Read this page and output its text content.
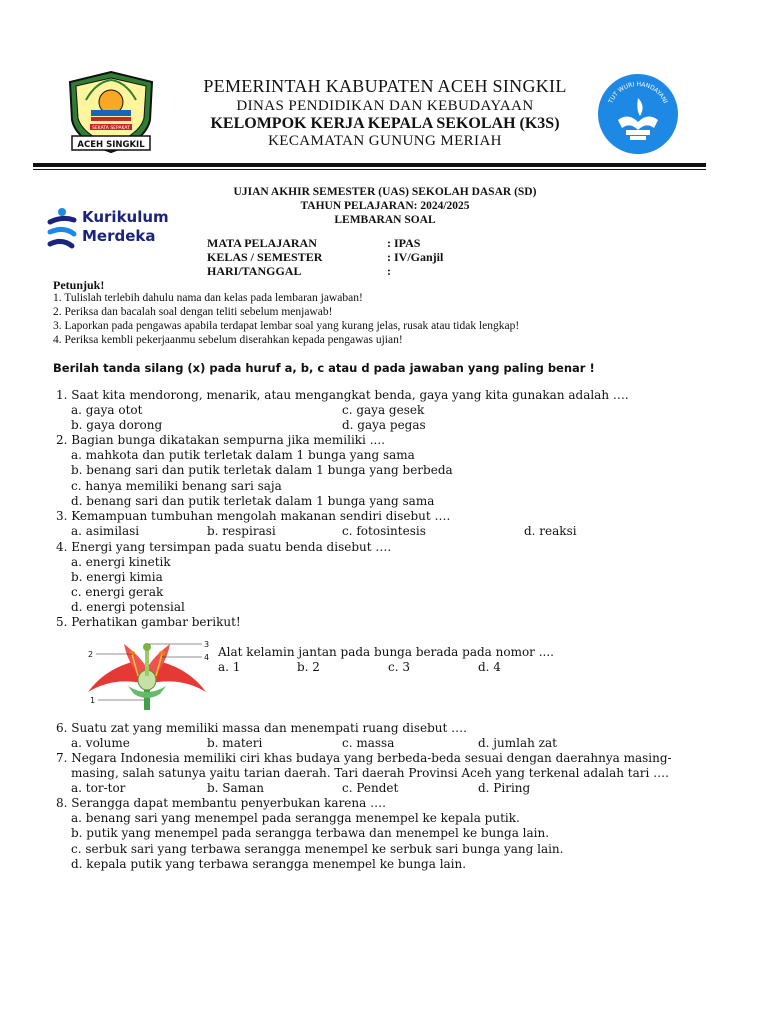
SEKATA SEPAKAT
ACEH SINGKIL
PEMERINTAH KABUPATEN ACEH SINGKIL
DINAS PENDIDIKAN DAN KEBUDAYAAN
KELOMPOK KERJA KEPALA SEKOLAH (K3S)
KECAMATAN GUNUNG MERIAH
TUT WURI HANDAYANI
Kurikulum
Merdeka
UJIAN AKHIR SEMESTER (UAS) SEKOLAH DASAR (SD)
TAHUN PELAJARAN: 2024/2025
LEMBARAN SOAL
MATA PELAJARAN	: IPAS
KELAS / SEMESTER	: IV/Ganjil
HARI/TANGGAL	:
Petunjuk!
1. Tulislah terlebih dahulu nama dan kelas pada lembaran jawaban!
2. Periksa dan bacalah soal dengan teliti sebelum menjawab!
3. Laporkan pada pengawas apabila terdapat lembar soal yang kurang jelas, rusak atau tidak lengkap!
4. Periksa kembli pekerjaanmu sebelum diserahkan kepada pengawas ujian!
Berilah tanda silang (x) pada huruf a, b, c atau d pada jawaban yang paling benar !
1. Saat kita mendorong, menarik, atau mengangkat benda, gaya yang kita gunakan adalah ….
a. gaya otot	c. gaya gesek
b. gaya dorong	d. gaya pegas
2. Bagian bunga dikatakan sempurna jika memiliki ....
a. mahkota dan putik terletak dalam 1 bunga yang sama
b. benang sari dan putik terletak dalam 1 bunga yang berbeda
c. hanya memiliki benang sari saja
d. benang sari dan putik terletak dalam 1 bunga yang sama
3. Kemampuan tumbuhan mengolah makanan sendiri disebut ….
a. asimilasi	b. respirasi	c. fotosintesis	d. reaksi
4. Energi yang tersimpan pada suatu benda disebut ….
a. energi kinetik
b. energi kimia
c. energi gerak
d. energi potensial
5. Perhatikan gambar berikut!
2
3
4
1
Alat kelamin jantan pada bunga berada pada nomor ....
a. 1	b. 2	c. 3	d. 4
6. Suatu zat yang memiliki massa dan menempati ruang disebut ….
a. volume	b. materi	c. massa	d. jumlah zat
7. Negara Indonesia memiliki ciri khas budaya yang berbeda-beda sesuai dengan daerahnya masing-
masing, salah satunya yaitu tarian daerah. Tari daerah Provinsi Aceh yang terkenal adalah tari ….
a. tor-tor	b. Saman	c. Pendet	d. Piring
8. Serangga dapat membantu penyerbukan karena ….
a. benang sari yang menempel pada serangga menempel ke kepala putik.
b. putik yang menempel pada serangga terbawa dan menempel ke bunga lain.
c. serbuk sari yang terbawa serangga menempel ke serbuk sari bunga yang lain.
d. kepala putik yang terbawa serangga menempel ke bunga lain.
